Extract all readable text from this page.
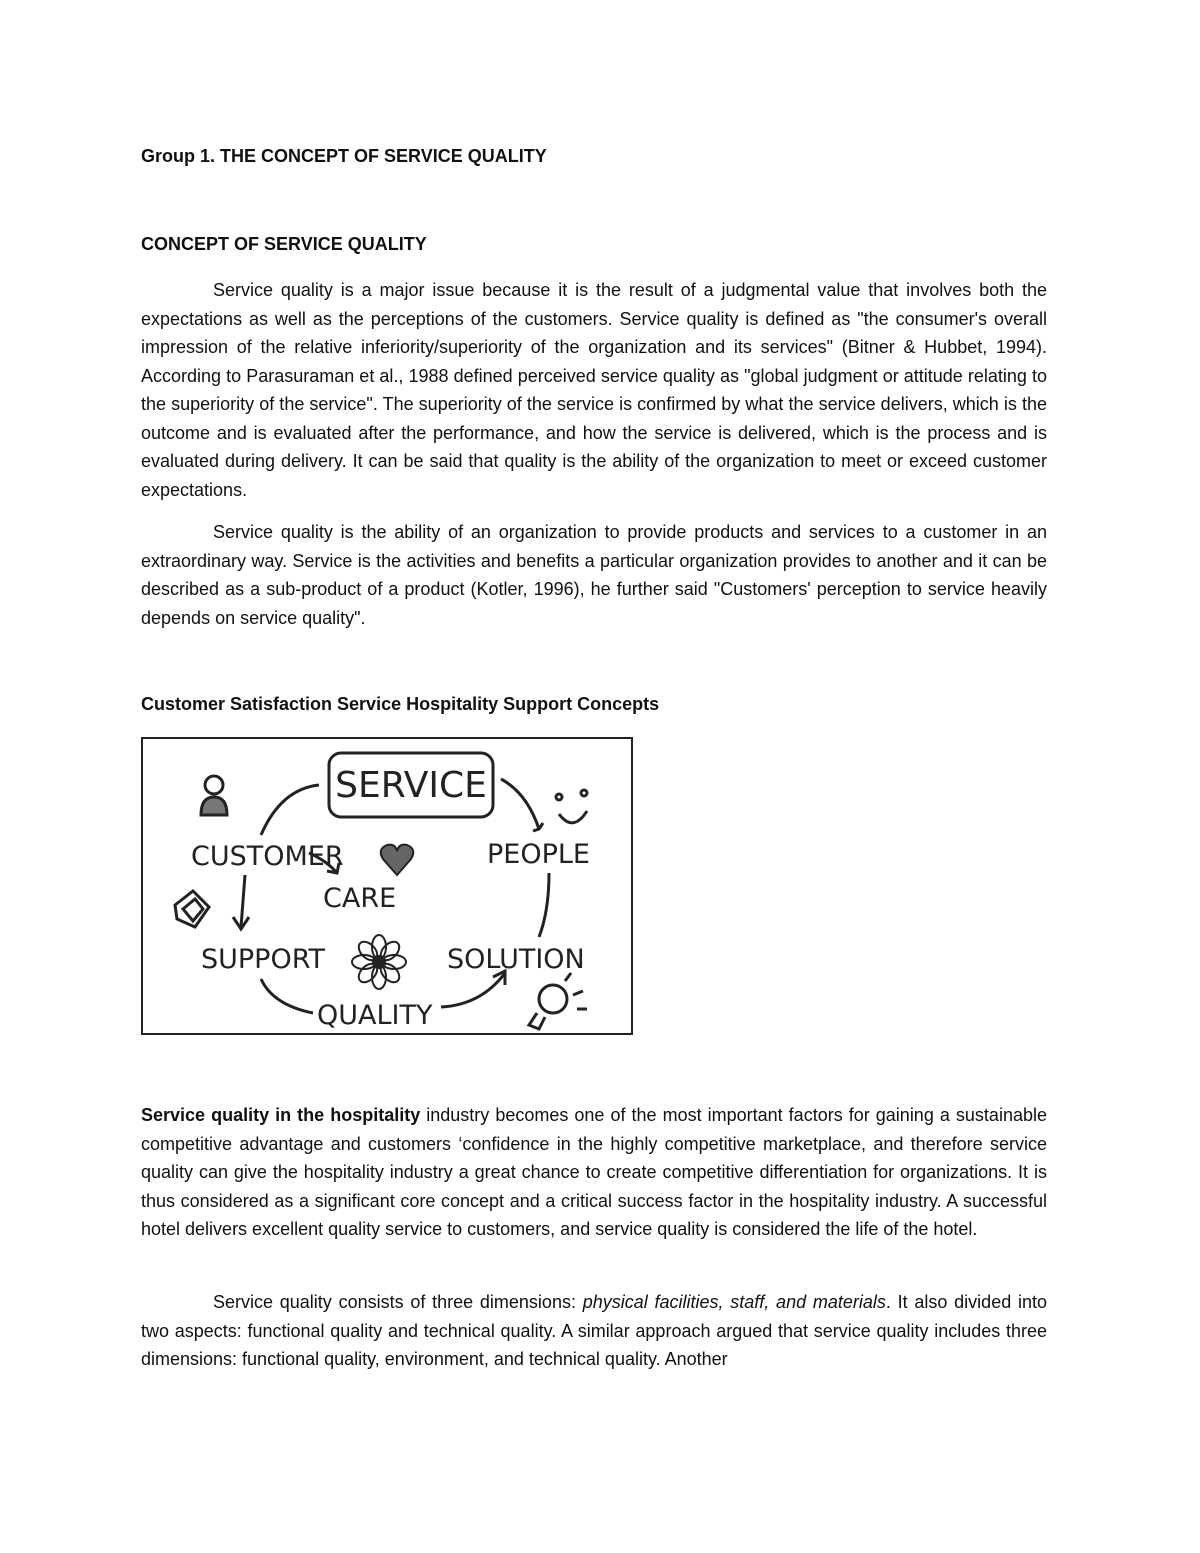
Group 1. THE CONCEPT OF SERVICE QUALITY
CONCEPT OF SERVICE QUALITY

Service quality is a major issue because it is the result of a judgmental value that involves both the expectations as well as the perceptions of the customers. Service quality is defined as "the consumer's overall impression of the relative inferiority/superiority of the organization and its services" (Bitner & Hubbet, 1994). According to Parasuraman et al., 1988 defined perceived service quality as "global judgment or attitude relating to the superiority of the service". The superiority of the service is confirmed by what the service delivers, which is the outcome and is evaluated after the performance, and how the service is delivered, which is the process and is evaluated during delivery. It can be said that quality is the ability of the organization to meet or exceed customer expectations.

Service quality is the ability of an organization to provide products and services to a customer in an extraordinary way. Service is the activities and benefits a particular organization provides to another and it can be described as a sub-product of a product (Kotler, 1996), he further said "Customers' perception to service heavily depends on service quality".

Customer Satisfaction Service Hospitality Support Concepts
SERVICE
CUSTOMER	PEOPLE
CARE
SUPPORT	SOLUTION
QUALITY

Service quality in the hospitality industry becomes one of the most important factors for gaining a sustainable competitive advantage and customers ‘confidence in the highly competitive marketplace, and therefore service quality can give the hospitality industry a great chance to create competitive differentiation for organizations. It is thus considered as a significant core concept and a critical success factor in the hospitality industry. A successful hotel delivers excellent quality service to customers, and service quality is considered the life of the hotel.

Service quality consists of three dimensions: physical facilities, staff, and materials. It also divided into two aspects: functional quality and technical quality. A similar approach argued that service quality includes three dimensions: functional quality, environment, and technical quality. Another
